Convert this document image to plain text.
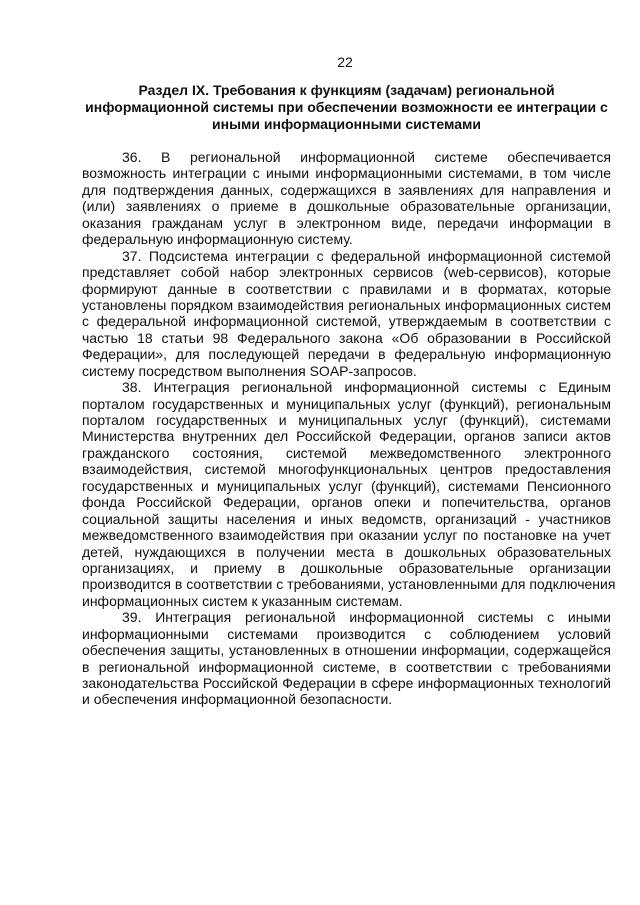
22
Раздел IX. Требования к функциям (задачам) региональной
информационной системы при обеспечении возможности ее интеграции с
иными информационными системами
36. В региональной информационной системе обеспечивается
возможность интеграции с иными информационными системами, в том числе
для подтверждения данных, содержащихся в заявлениях для направления и
(или) заявлениях о приеме в дошкольные образовательные организации,
оказания гражданам услуг в электронном виде, передачи информации в
федеральную информационную систему.
37. Подсистема интеграции с федеральной информационной системой
представляет собой набор электронных сервисов (web-сервисов), которые
формируют данные в соответствии с правилами и в форматах, которые
установлены порядком взаимодействия региональных информационных систем
с федеральной информационной системой, утверждаемым в соответствии с
частью 18 статьи 98 Федерального закона «Об образовании в Российской
Федерации», для последующей передачи в федеральную информационную
систему посредством выполнения SOAP-запросов.
38. Интеграция региональной информационной системы с Единым
порталом государственных и муниципальных услуг (функций), региональным
порталом государственных и муниципальных услуг (функций), системами
Министерства внутренних дел Российской Федерации, органов записи актов
гражданского состояния, системой межведомственного электронного
взаимодействия, системой многофункциональных центров предоставления
государственных и муниципальных услуг (функций), системами Пенсионного
фонда Российской Федерации, органов опеки и попечительства, органов
социальной защиты населения и иных ведомств, организаций - участников
межведомственного взаимодействия при оказании услуг по постановке на учет
детей, нуждающихся в получении места в дошкольных образовательных
организациях, и приему в дошкольные образовательные организации
производится в соответствии с требованиями, установленными для подключения
информационных систем к указанным системам.
39. Интеграция региональной информационной системы с иными
информационными системами производится с соблюдением условий
обеспечения защиты, установленных в отношении информации, содержащейся
в региональной информационной системе, в соответствии с требованиями
законодательства Российской Федерации в сфере информационных технологий
и обеспечения информационной безопасности.
